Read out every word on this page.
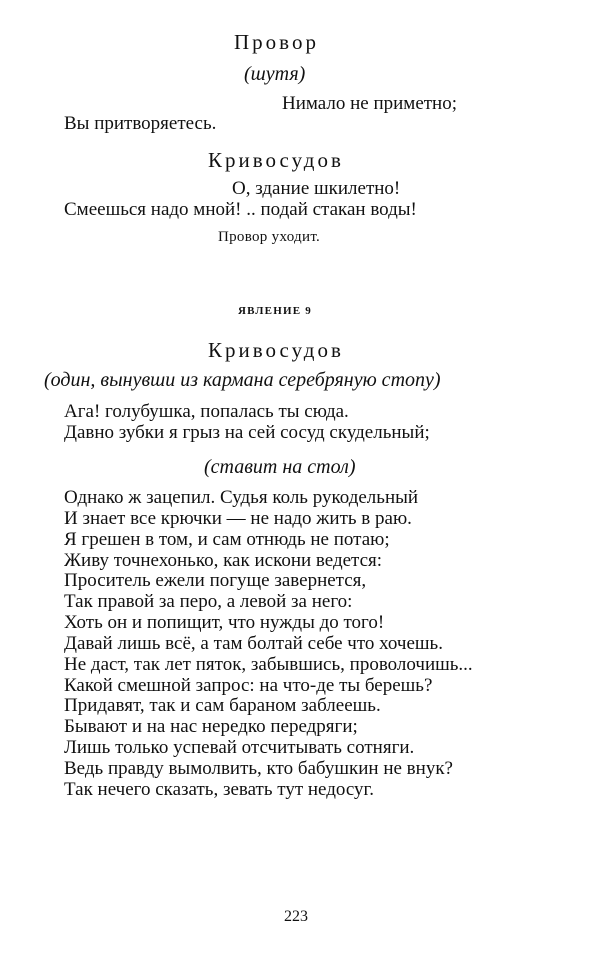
Провор
(шутя)
Нимало не приметно;
Вы притворяетесь.
Кривосудов
О, здание шкилетно!
Смеешься надо мной! .. подай стакан воды!
Провор уходит.
ЯВЛЕНИЕ 9
Кривосудов
(один, вынувши из кармана серебряную стопу)
Ага! голубушка, попалась ты сюда.
Давно зубки я грыз на сей сосуд скудельный;
(ставит на стол)
Однако ж зацепил. Судья коль рукодельный
И знает все крючки — не надо жить в раю.
Я грешен в том, и сам отнюдь не потаю;
Живу точнехонько, как искони ведется:
Проситель ежели погуще завернется,
Так правой за перо, а левой за него:
Хоть он и попищит, что нужды до того!
Давай лишь всё, а там болтай себе что хочешь.
Не даст, так лет пяток, забывшись, проволочишь...
Какой смешной запрос: на что-де ты берешь?
Придавят, так и сам бараном заблеешь.
Бывают и на нас нередко передряги;
Лишь только успевай отсчитывать сотняги.
Ведь правду вымолвить, кто бабушкин не внук?
Так нечего сказать, зевать тут недосуг.
223
